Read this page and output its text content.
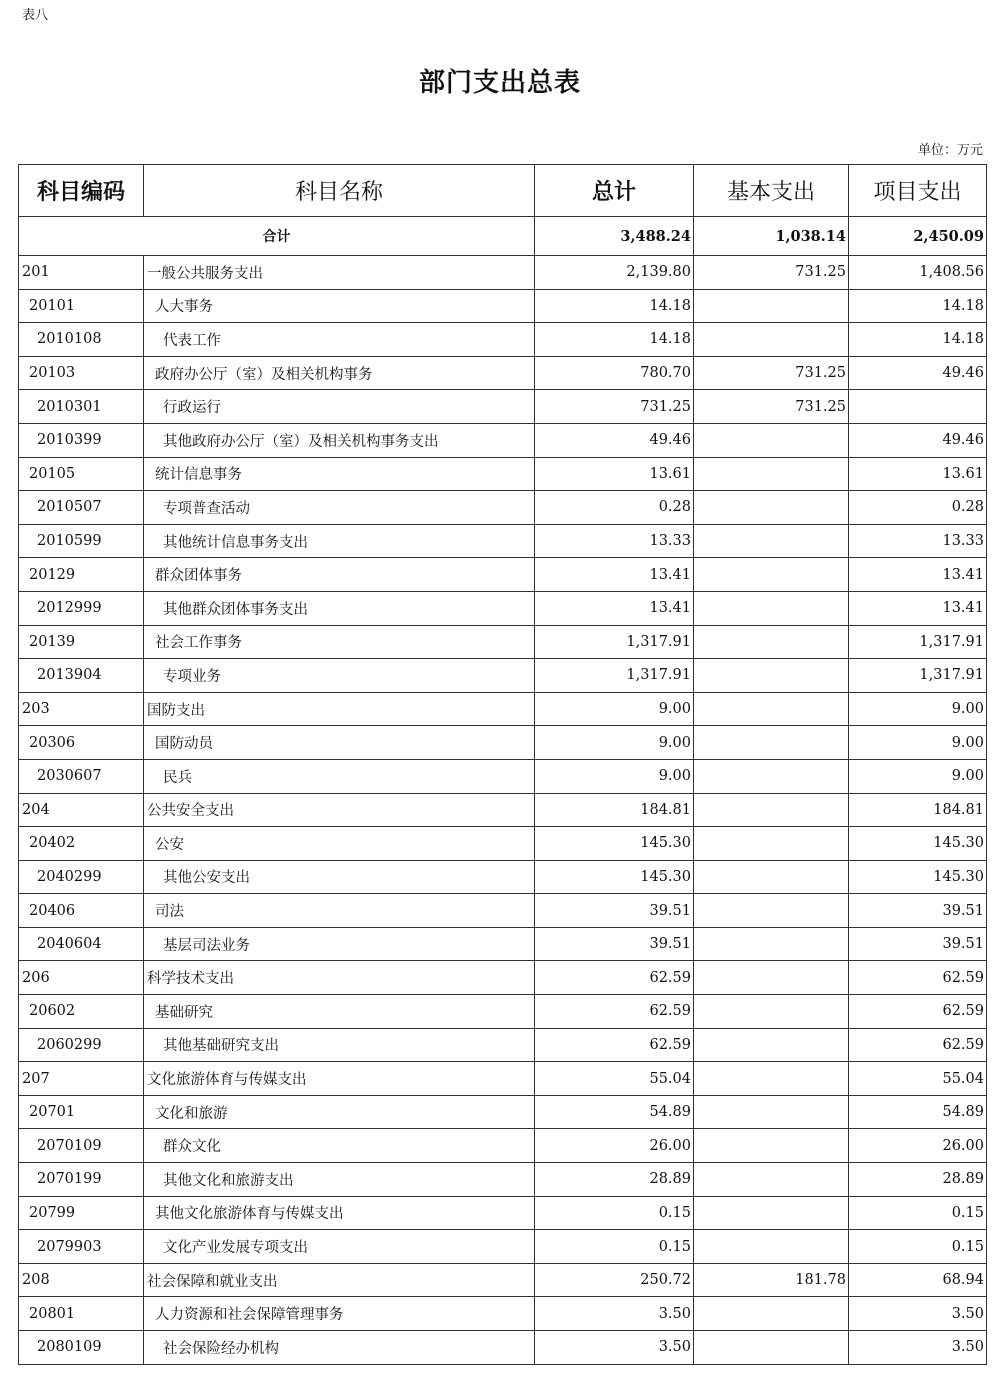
表八
部门支出总表
单位：万元
科目编码	科目名称	总计	基本支出	项目支出
合计		3,488.24	1,038.14	2,450.09
201	一般公共服务支出	2,139.80	731.25	1,408.56
20101	人大事务	14.18		14.18
2010108	代表工作	14.18		14.18
20103	政府办公厅（室）及相关机构事务	780.70	731.25	49.46
2010301	行政运行	731.25	731.25	
2010399	其他政府办公厅（室）及相关机构事务支出	49.46		49.46
20105	统计信息事务	13.61		13.61
2010507	专项普查活动	0.28		0.28
2010599	其他统计信息事务支出	13.33		13.33
20129	群众团体事务	13.41		13.41
2012999	其他群众团体事务支出	13.41		13.41
20139	社会工作事务	1,317.91		1,317.91
2013904	专项业务	1,317.91		1,317.91
203	国防支出	9.00		9.00
20306	国防动员	9.00		9.00
2030607	民兵	9.00		9.00
204	公共安全支出	184.81		184.81
20402	公安	145.30		145.30
2040299	其他公安支出	145.30		145.30
20406	司法	39.51		39.51
2040604	基层司法业务	39.51		39.51
206	科学技术支出	62.59		62.59
20602	基础研究	62.59		62.59
2060299	其他基础研究支出	62.59		62.59
207	文化旅游体育与传媒支出	55.04		55.04
20701	文化和旅游	54.89		54.89
2070109	群众文化	26.00		26.00
2070199	其他文化和旅游支出	28.89		28.89
20799	其他文化旅游体育与传媒支出	0.15		0.15
2079903	文化产业发展专项支出	0.15		0.15
208	社会保障和就业支出	250.72	181.78	68.94
20801	人力资源和社会保障管理事务	3.50		3.50
2080109	社会保险经办机构	3.50		3.50
